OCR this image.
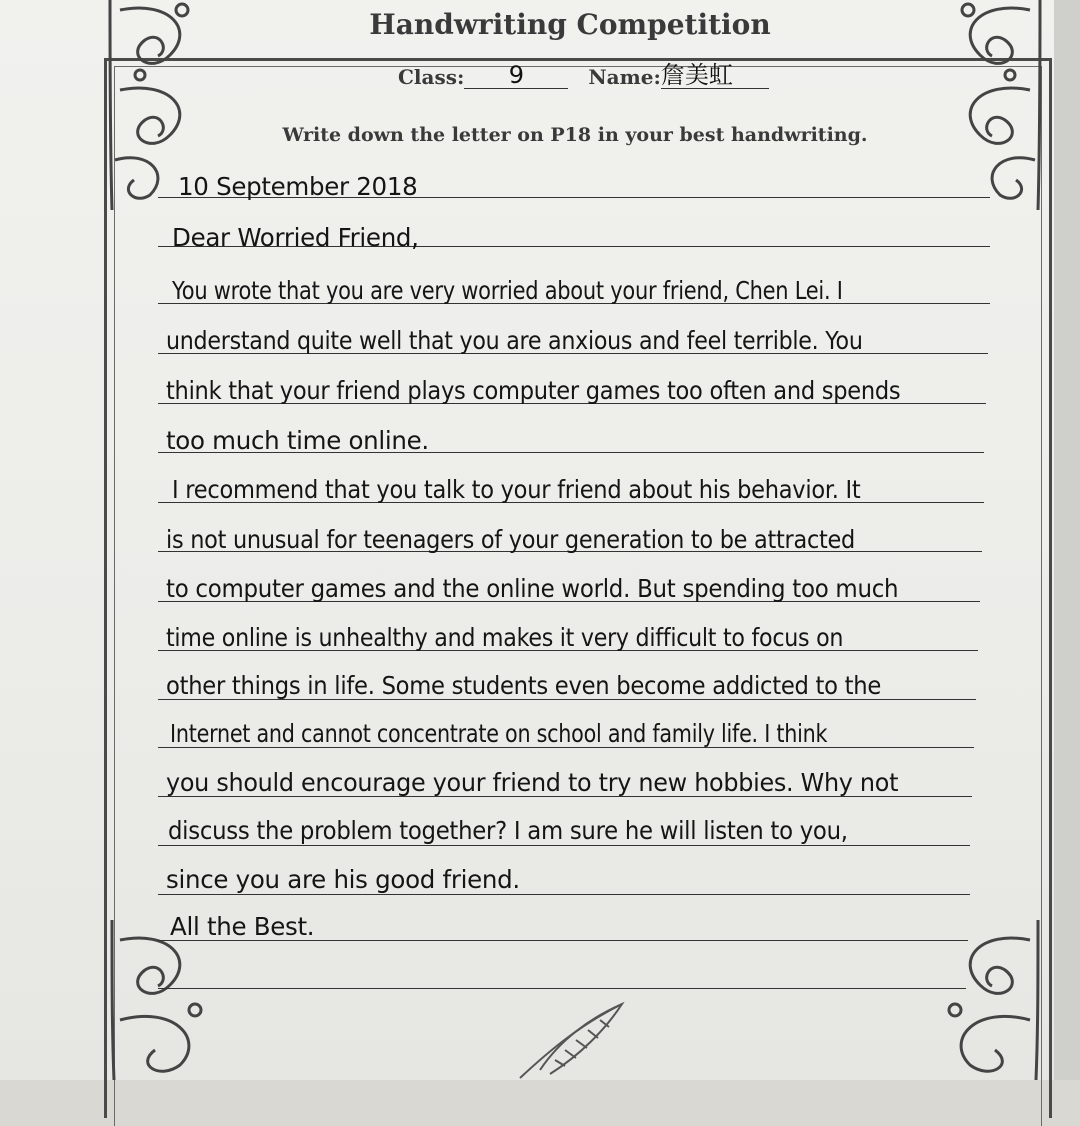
Handwriting Competition
Class: 9	Name:詹美虹
Write down the letter on P18 in your best handwriting.
10 September 2018
Dear Worried Friend,
You wrote that you are very worried about your friend, Chen Lei. I
understand quite well that you are anxious and feel terrible. You
think that your friend plays computer games too often and spends
too much time online.
I recommend that you talk to your friend about his behavior. It
is not unusual for teenagers of your generation to be attracted
to computer games and the online world. But spending too much
time online is unhealthy and makes it very difficult to focus on
other things in life. Some students even become addicted to the
Internet and cannot concentrate on school and family life. I think
you should encourage your friend to try new hobbies. Why not
discuss the problem together? I am sure he will listen to you,
since you are his good friend.
All the Best.
